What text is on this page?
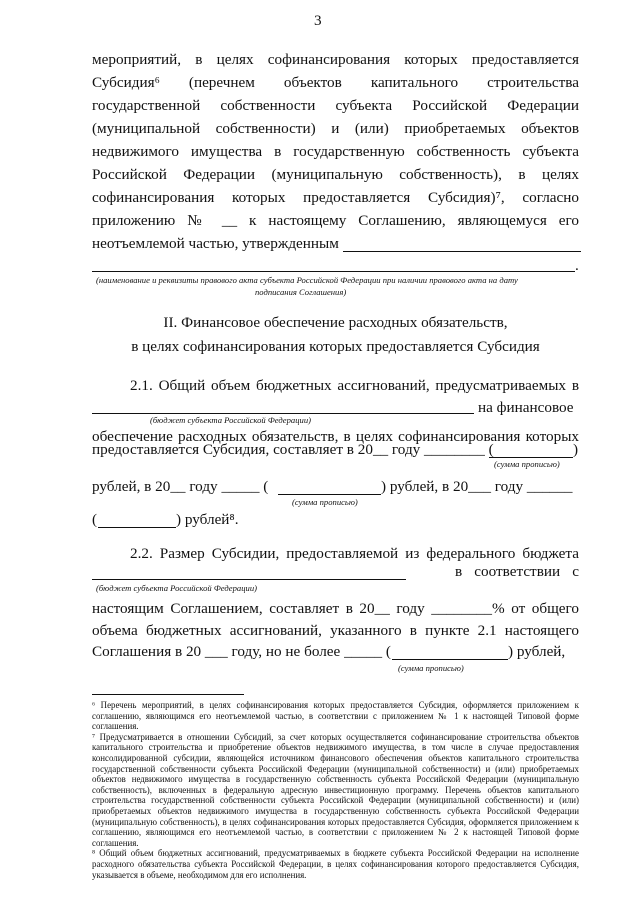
3
мероприятий, в целях софинансирования которых предоставляется
Субсидия⁶ (перечнем объектов капитального строительства
государственной собственности субъекта Российской Федерации
(муниципальной собственности) и (или) приобретаемых объектов
недвижимого имущества в государственную собственность субъекта
Российской Федерации (муниципальную собственность), в целях
софинансирования которых предоставляется Субсидия)⁷, согласно
приложению № __ к настоящему Соглашению, являющемуся его
неотъемлемой частью, утвержденным
.
(наименование и реквизиты правового акта субъекта Российской Федерации при наличии правового акта на дату
подписания Соглашения)
II. Финансовое обеспечение расходных обязательств,
в целях софинансирования которых предоставляется Субсидия
2.1. Общий объем бюджетных ассигнований, предусматриваемых в
на финансовое
(бюджет субъекта Российской Федерации)
обеспечение расходных обязательств, в целях софинансирования которых
предоставляется Субсидия, составляет в 20__ году ________ (	)
(сумма прописью)
рублей, в 20__ году _____ (	) рублей, в 20___ году ______
(сумма прописью)
(	) рублей⁸.
2.2. Размер Субсидии, предоставляемой из федерального бюджета
в соответствии с
(бюджет субъекта Российской Федерации)
настоящим Соглашением, составляет в 20__ году ________% от общего
объема бюджетных ассигнований, указанного в пункте 2.1 настоящего
Соглашения в 20 ___ году, но не более _____ (	) рублей,
(сумма прописью)

⁶ Перечень мероприятий, в целях софинансирования которых предоставляется Субсидия, оформляется приложением к соглашению, являющимся его неотъемлемой частью, в соответствии с приложением № 1 к настоящей Типовой форме соглашения.

⁷ Предусматривается в отношении Субсидий, за счет которых осуществляется софинансирование строительства объектов капитального строительства и приобретение объектов недвижимого имущества, в том числе в случае предоставления консолидированной субсидии, являющейся источником финансового обеспечения объектов капитального строительства государственной собственности субъекта Российской Федерации (муниципальной собственности) и (или) приобретаемых объектов недвижимого имущества в государственную собственность субъекта Российской Федерации (муниципальную собственность), включенных в федеральную адресную инвестиционную программу. Перечень объектов капитального строительства государственной собственности субъекта Российской Федерации (муниципальной собственности) и (или) приобретаемых объектов недвижимого имущества в государственную собственность субъекта Российской Федерации (муниципальную собственность), в целях софинансирования которых предоставляется Субсидия, оформляется приложением к соглашению, являющимся его неотъемлемой частью, в соответствии с приложением № 2 к настоящей Типовой форме соглашения.

⁸ Общий объем бюджетных ассигнований, предусматриваемых в бюджете субъекта Российской Федерации на исполнение расходного обязательства субъекта Российской Федерации, в целях софинансирования которого предоставляется Субсидия, указывается в объеме, необходимом для его исполнения.
